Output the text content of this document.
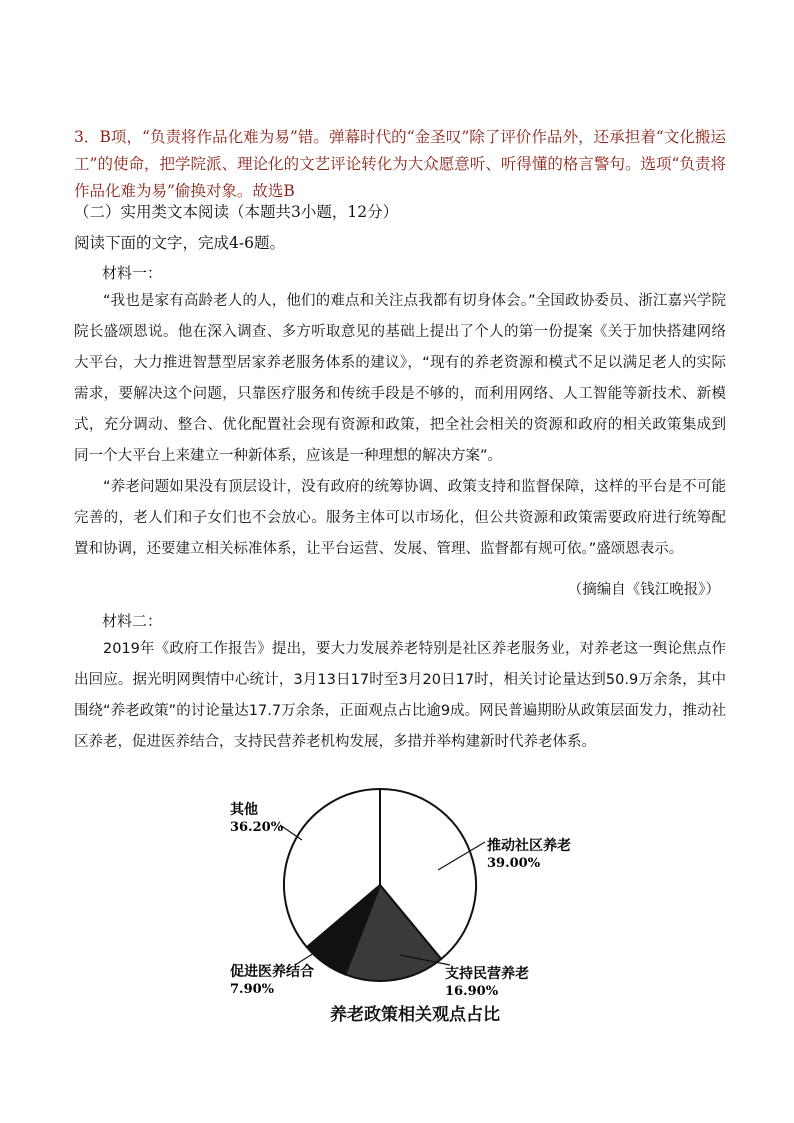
3．B项，“负责将作品化难为易”错。弹幕时代的“金圣叹”除了评价作品外，还承担着“文化搬运工”的使命，把学院派、理论化的文艺评论转化为大众愿意听、听得懂的格言警句。选项“负责将作品化难为易”偷换对象。故选B
（二）实用类文本阅读（本题共3小题，12分）
阅读下面的文字，完成4-6题。
材料一：

“我也是家有高龄老人的人，他们的难点和关注点我都有切身体会。”全国政协委员、浙江嘉兴学院院长盛颂恩说。他在深入调查、多方听取意见的基础上提出了个人的第一份提案《关于加快搭建网络大平台，大力推进智慧型居家养老服务体系的建议》，“现有的养老资源和模式不足以满足老人的实际需求，要解决这个问题，只靠医疗服务和传统手段是不够的，而利用网络、人工智能等新技术、新模式，充分调动、整合、优化配置社会现有资源和政策，把全社会相关的资源和政府的相关政策集成到同一个大平台上来建立一种新体系，应该是一种理想的解决方案”。

“养老问题如果没有顶层设计，没有政府的统筹协调、政策支持和监督保障，这样的平台是不可能完善的，老人们和子女们也不会放心。服务主体可以市场化，但公共资源和政策需要政府进行统筹配置和协调，还要建立相关标准体系，让平台运营、发展、管理、监督都有规可依。”盛颂恩表示。

（摘编自《钱江晚报》）
材料二：

2019年《政府工作报告》提出，要大力发展养老特别是社区养老服务业，对养老这一舆论焦点作出回应。据光明网舆情中心统计，3月13日17时至3月20日17时，相关讨论量达到50.9万余条，其中围绕“养老政策”的讨论量达17.7万余条，正面观点占比逾9成。网民普遍期盼从政策层面发力，推动社区养老，促进医养结合，支持民营养老机构发展，多措并举构建新时代养老体系。

推动社区养老
39.00%
支持民营养老
16.90%
促进医养结合
7.90%
其他
36.20%
养老政策相关观点占比
